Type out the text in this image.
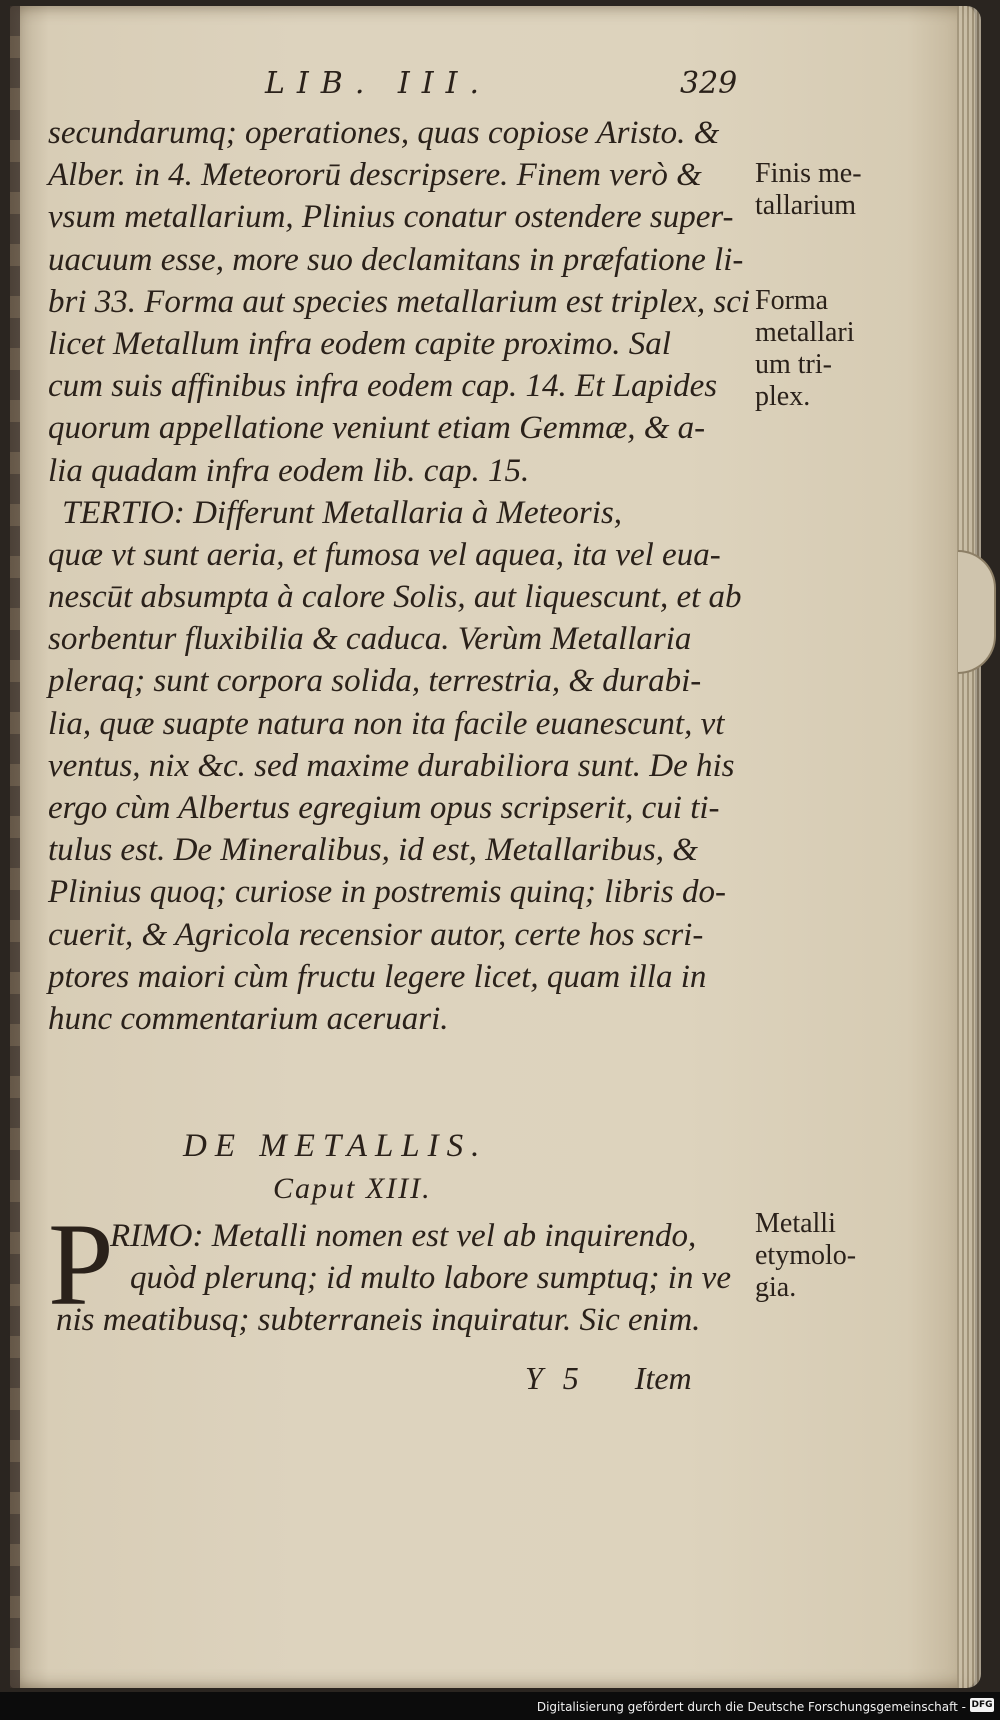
LIB. III.	329
secundarumq; operationes, quas copiose Aristo. &
Alber. in 4. Meteororū descripsere. Finem verò &
vsum metallarium, Plinius conatur ostendere super-
uacuum esse, more suo declamitans in præfatione li-
bri 33. Forma aut species metallarium est triplex, sci
licet Metallum infra eodem capite proximo. Sal
cum suis affinibus infra eodem cap. 14. Et Lapides
quorum appellatione veniunt etiam Gemmæ, & a-
lia quadam infra eodem lib. cap. 15.
TERTIO: Differunt Metallaria à Meteoris,
quæ vt sunt aeria, et fumosa vel aquea, ita vel eua-
nescūt absumpta à calore Solis, aut liquescunt, et ab
sorbentur fluxibilia & caduca. Verùm Metallaria
pleraq; sunt corpora solida, terrestria, & durabi-
lia, quæ suapte natura non ita facile euanescunt, vt
ventus, nix &c. sed maxime durabiliora sunt. De his
ergo cùm Albertus egregium opus scripserit, cui ti-
tulus est. De Mineralibus, id est, Metallaribus, &
Plinius quoq; curiose in postremis quinq; libris do-
cuerit, & Agricola recensior autor, certe hos scri-
ptores maiori cùm fructu legere licet, quam illa in
hunc commentarium aceruari.
DE METALLIS.
Caput XIII.
P
RIMO: Metalli nomen est vel ab inquirendo,
quòd plerunq; id multo labore sumptuq; in ve
nis meatibusq; subterraneis inquiratur. Sic enim.
Y 5 Item
Finis me-
tallarium
Forma
metallari
um tri-
plex.
Metalli
etymolo-
gia.
Digitalisierung gefördert durch die Deutsche Forschungsgemeinschaft - DFG
